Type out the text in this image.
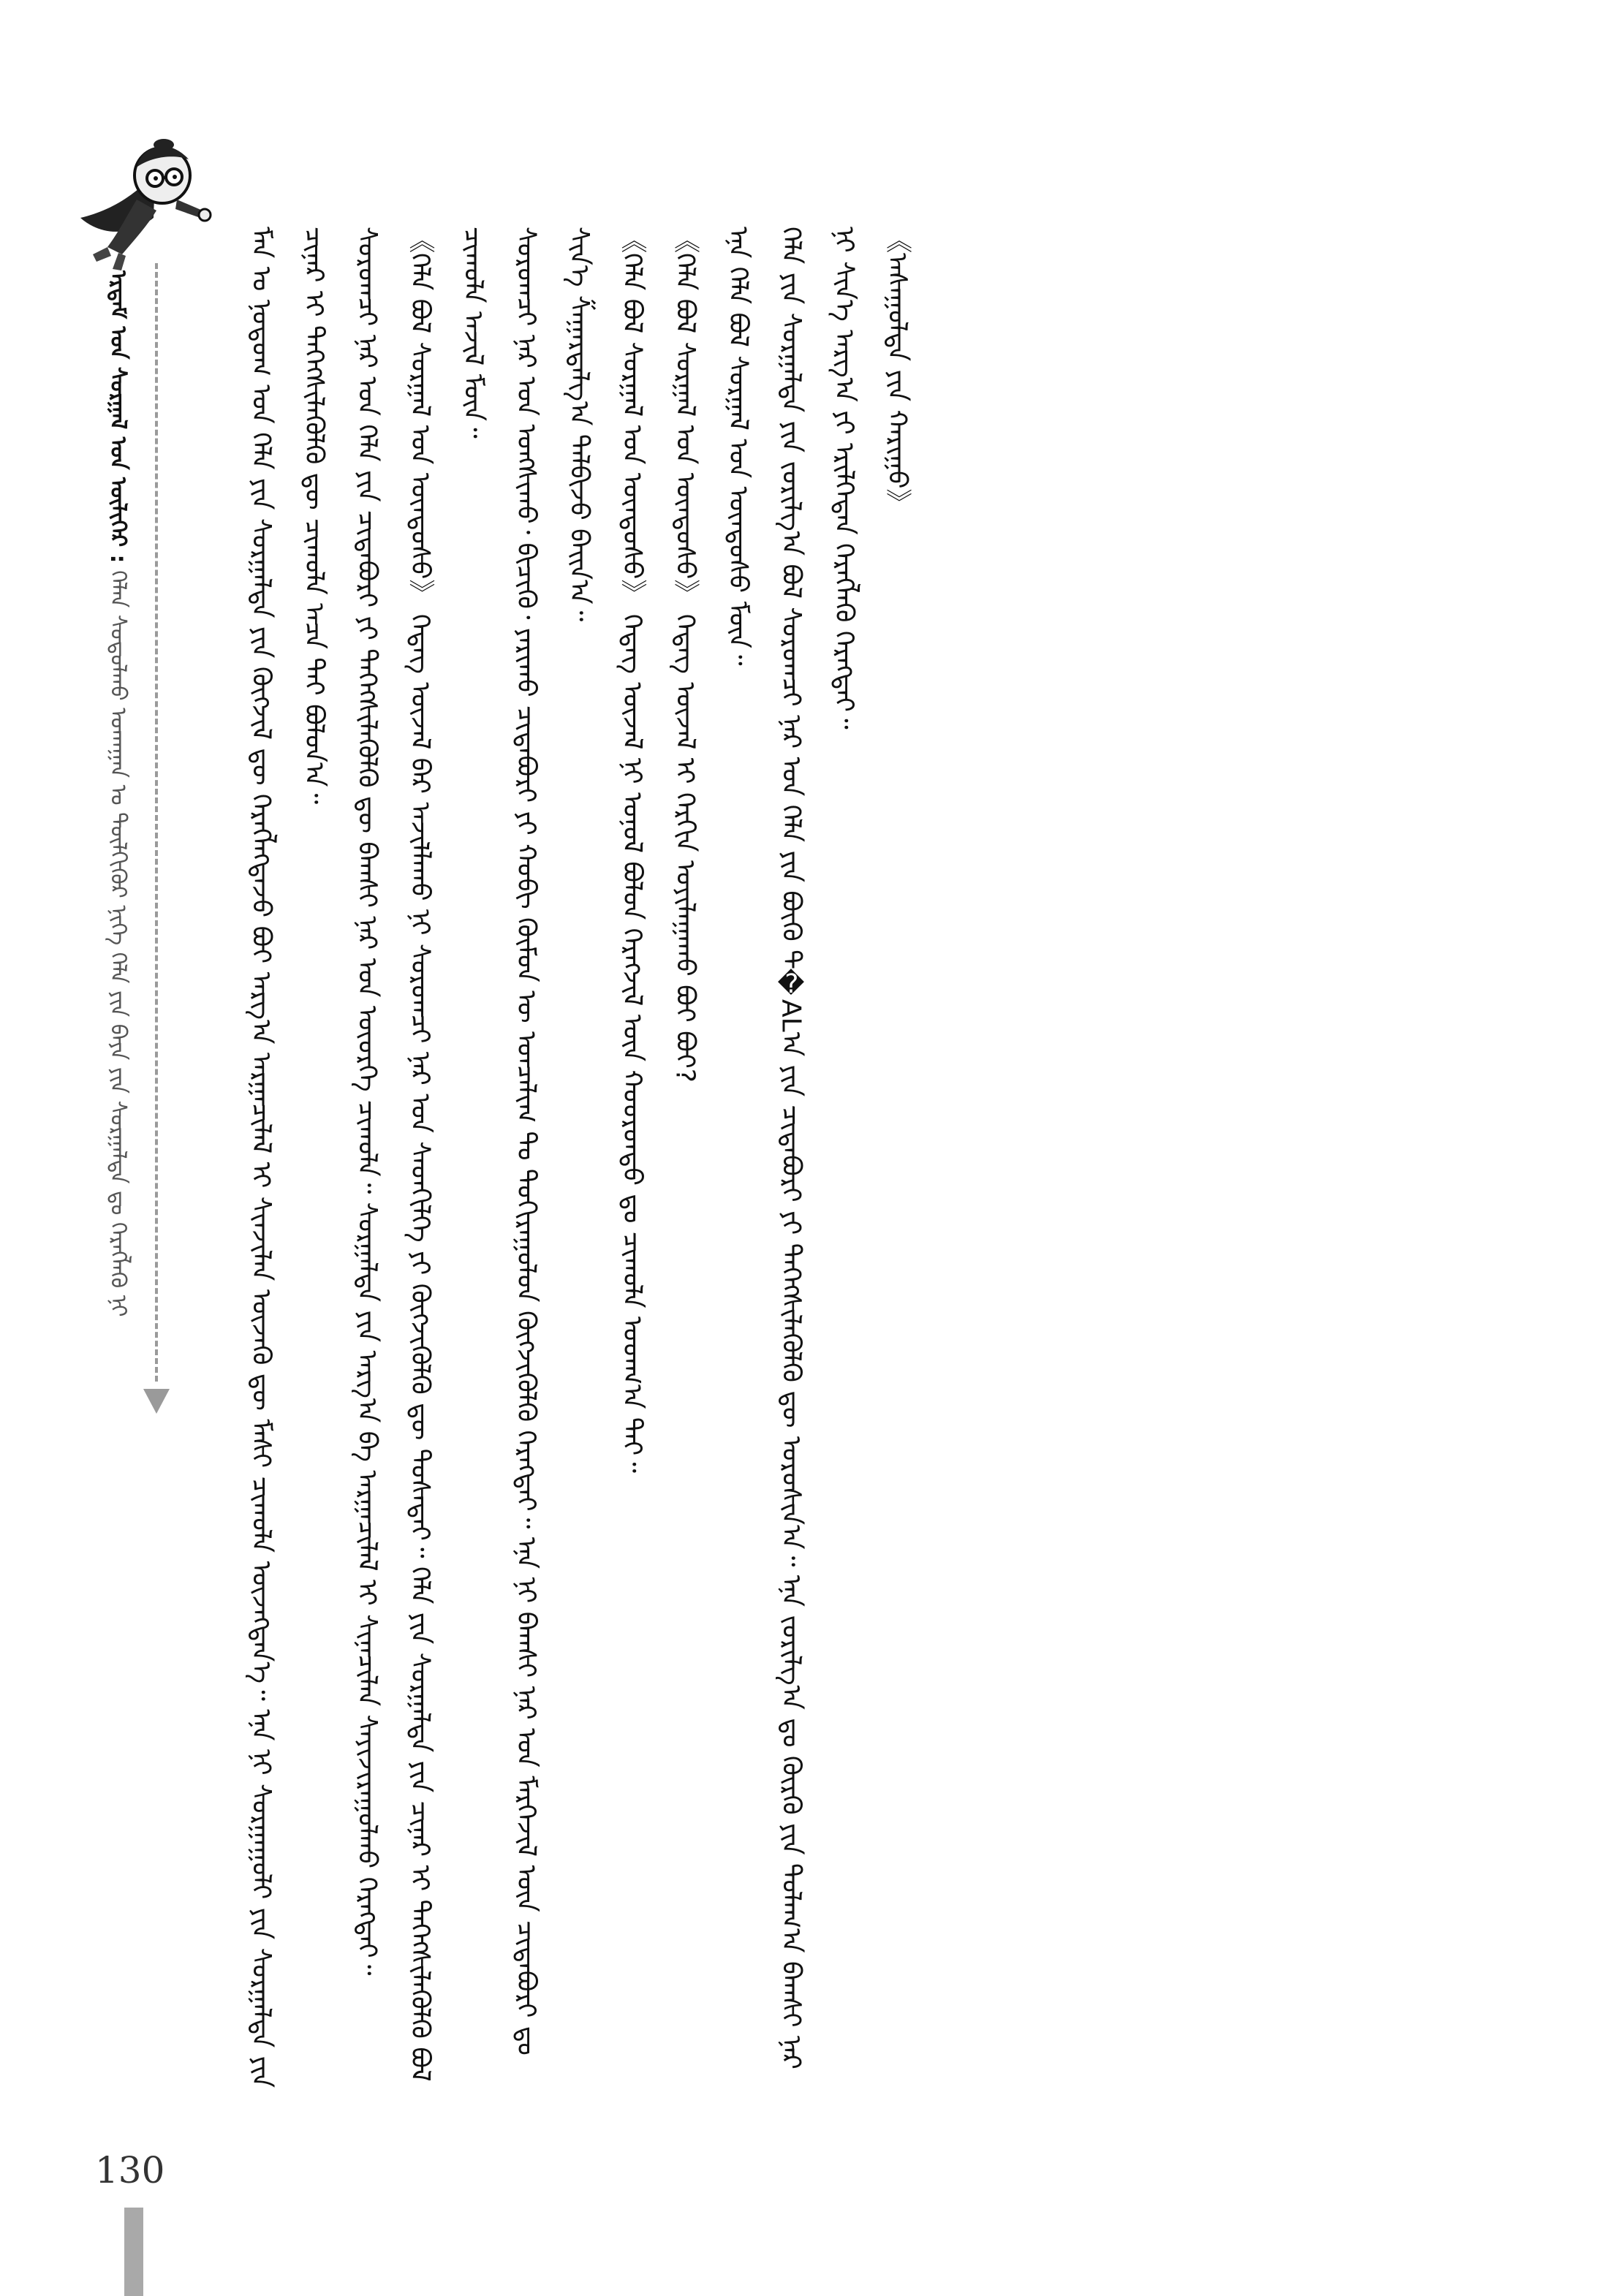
ᠡᠷᠳᠡᠮ ᠤᠨ ᠰᠤᠷᠭᠠᠯ ᠤᠨ ᠦᠯᠢᠭᠡᠷ : ᠬᠡᠯᠡᠨ ᠰᠤᠳᠤᠯᠬᠤ ᠤᠬᠠᠭᠠᠨ ᠤ ᠲᠦᠯᠬᠢᠭᠦᠷ ᠨᠢᠭᠡ ᠬᠡᠯᠡ ᠶᠢᠨ ᠪᠡᠶᠡ ᠶᠢᠨ ᠰᠤᠷᠭᠠᠯᠲᠠ ᠳᠤ ᠬᠡᠷᠡᠭᠯᠡᠬᠦ ᠨᠢ	ᠮᠠᠨ ᠤ ᠨᠤᠲᠤᠭ ᠤᠨ ᠬᠡᠯᠡ ᠶᠢᠨ ᠰᠤᠷᠭᠠᠯᠲᠠ ᠶᠢᠨ ᠬᠥᠭᠵᠢᠯ ᠳᠦ ᠬᠡᠷᠡᠭᠯᠡᠭᠳᠡᠵᠦ ᠪᠤᠢ ᠠᠷᠭ᠎ᠠ ᠠᠷᠭᠠᠴᠢᠯᠠᠯ ᠢ ᠰᠢᠨᠵᠢᠯᠡᠨ ᠦᠵᠡᠬᠦ ᠳᠦ ᠮᠠᠰᠢ ᠴᠢᠬᠤᠯᠠ ᠦᠵᠡᠭᠳᠡᠨ᠎ᠡ᠃ ᠡᠨᠡ ᠨᠢ ᠰᠤᠷᠭᠠᠭᠤᠯᠢ ᠶᠢᠨ ᠰᠤᠷᠭᠠᠯᠲᠠ ᠶᠢᠨ ᠴᠢᠨᠠᠷ ᠢ ᠳᠡᠭᠡᠭᠰᠢᠯᠡᠭᠦᠯᠬᠦ ᠳᠦ ᠴᠢᠬᠤᠯᠠ ᠠᠴᠠ ᠲᠠᠢ ᠪᠤᠯᠤᠨ᠎ᠠ᠃ ᠰᠤᠷᠤᠭᠴᠢ ᠨᠠᠷ ᠤᠨ ᠬᠡᠯᠡ ᠶᠢᠨ ᠴᠢᠳᠠᠪᠤᠷᠢ ᠶᠢ ᠳᠡᠭᠡᠭᠰᠢᠯᠡᠭᠦᠯᠬᠦ ᠳᠦ ᠪᠠᠭᠰᠢ ᠨᠠᠷ ᠤᠨ ᠦᠦᠷᠭᠡ ᠴᠢᠬᠤᠯᠠ᠃ ᠰᠤᠷᠭᠠᠯᠲᠠ ᠶᠢᠨ ᠠᠷᠭ᠎ᠠ ᠪᠠ ᠠᠷᠭᠠᠴᠢᠯᠠᠯ ᠢ ᠰᠢᠨᠡᠴᠢᠯᠡᠨ ᠰᠠᠶᠢᠵᠢᠷᠠᠭᠤᠯᠬᠤ ᠬᠡᠷᠡᠭᠲᠡᠢ᠃ 《ᠬᠡᠯᠡ ᠪᠣᠯ ᠰᠤᠷᠭᠠᠯ ᠤᠨ ᠦᠨᠳᠦᠰᠦ》 ᠭᠡᠳᠡᠭ ᠦᠵᠡᠯ ᠪᠠᠷ ᠠᠵᠢᠯᠯᠠᠬᠤ ᠨᠢ ᠰᠤᠷᠤᠭᠴᠢ ᠨᠠᠷ ᠤᠨ ᠰᠡᠳᠬᠢᠯᠬᠡ ᠶᠢ ᠬᠥᠭᠵᠢᠭᠦᠯᠬᠦ ᠳᠦ ᠲᠤᠰᠠᠲᠠᠢ᠃ ᠬᠡᠯᠡ ᠶᠢᠨ ᠰᠤᠷᠭᠠᠯᠲᠠ ᠶᠢᠨ ᠴᠢᠨᠠᠷ ᠢ ᠳᠡᠭᠡᠭᠰᠢᠯᠡᠭᠦᠯᠬᠦ ᠪᠣᠯ ᠴᠢᠬᠤᠯᠠ ᠠᠵᠢᠯ ᠮᠥᠨ᠃ ᠰᠤᠷᠤᠭᠴᠢ ᠨᠠᠷ ᠤᠨ ᠤᠩᠰᠢᠬᠤ᠂ ᠪᠢᠴᠢᠬᠦ᠂ ᠶᠠᠷᠢᠬᠤ ᠴᠢᠳᠠᠪᠤᠷᠢ ᠶᠢ ᠬᠤᠪᠢ ᠬᠦᠮᠦᠨ ᠦ ᠣᠨᠴᠠᠯᠢᠭ ᠲᠤ ᠲᠣᠬᠢᠷᠠᠭᠤᠯᠤᠨ ᠬᠥᠭᠵᠢᠭᠦᠯᠬᠦ ᠬᠡᠷᠡᠭᠲᠡᠢ᠃ ᠡᠨᠡ ᠨᠢ ᠪᠠᠭᠰᠢ ᠨᠠᠷ ᠤᠨ ᠮᠡᠷᠭᠡᠵᠢᠯ ᠦᠨ ᠴᠢᠳᠠᠪᠤᠷᠢ ᠳᠤ ᠰᠢᠨ᠎ᠡ ᠱᠠᠭᠠᠷᠳᠠᠯᠭ᠎ᠠ ᠲᠠᠯᠪᠢᠵᠤ ᠪᠠᠢᠨ᠎ᠠ᠃ 《ᠬᠡᠯᠡ ᠪᠣᠯ ᠰᠤᠷᠭᠠᠯ ᠤᠨ ᠦᠨᠳᠦᠰᠦ》 ᠭᠡᠳᠡᠭ ᠦᠵᠡᠯ ᠨᠢ ᠣᠨᠣᠯ ᠪᠣᠯᠤᠨ ᠬᠡᠷᠡᠭᠵᠢᠯ ᠦᠨ ᠬᠣᠣᠷᠣᠨᠳᠣ ᠳᠤ ᠴᠢᠬᠤᠯᠠ ᠤᠳᠬ᠎ᠠ ᠲᠠᠢ᠃ 《ᠬᠡᠯᠡ ᠪᠣᠯ ᠰᠤᠷᠭᠠᠯ ᠤᠨ ᠦᠨᠳᠦᠰᠦ》 ᠭᠡᠳᠡᠭ ᠦᠵᠡᠯ ᠢ ᠬᠡᠷᠬᠢᠨ ᠣᠶᠢᠯᠠᠭᠠᠬᠤ ᠪᠤᠢ ᠪᠤᠢ? ᠡᠨᠡ ᠬᠡᠯᠡ ᠪᠣᠯ ᠰᠤᠷᠭᠠᠯ ᠤᠨ ᠦᠨᠳᠦᠰᠦ ᠮᠥᠨ᠃ ᠬᠡᠯᠡ ᠶᠢᠨ ᠰᠤᠷᠭᠠᠯᠲᠠ ᠶᠢᠨ ᠵᠣᠷᠢᠯᠭ᠎ᠠ ᠪᠣᠯ ᠰᠤᠷᠤᠭᠴᠢ ᠨᠠᠷ ᠤᠨ ᠬᠡᠯᠡ ᠶᠢᠨ ᠪᠦᠬᠦ ᠲ�ALᠠ ᠶᠢᠨ ᠴᠢᠳᠠᠪᠤᠷᠢ ᠶᠢ ᠳᠡᠭᠡᠭᠰᠢᠯᠡᠭᠦᠯᠬᠦ ᠳᠦ ᠣᠷᠤᠰᠢᠨ᠎ᠠ᠃ ᠡᠨᠡ ᠵᠣᠷᠢᠯᠭ᠎ᠠ ᠳᠤ ᠬᠦᠷᠬᠦ ᠶᠢᠨ ᠲᠤᠯᠠᠭ᠎ᠠ ᠪᠠᠭᠰᠢ ᠨᠠᠷ ᠨᠢ ᠰᠢᠨ᠎ᠡ ᠠᠷᠭ᠎ᠠ ᠶᠢ ᠡᠷᠢᠯᠬᠡᠳᠡᠨ ᠬᠡᠷᠡᠭᠯᠡᠬᠦ ᠬᠡᠷᠡᠭᠲᠡᠢ᠃ 《ᠠᠰᠠᠭᠤᠯᠲᠠ ᠶᠢᠨ ᠬᠠᠷᠢᠭᠤ》

130
